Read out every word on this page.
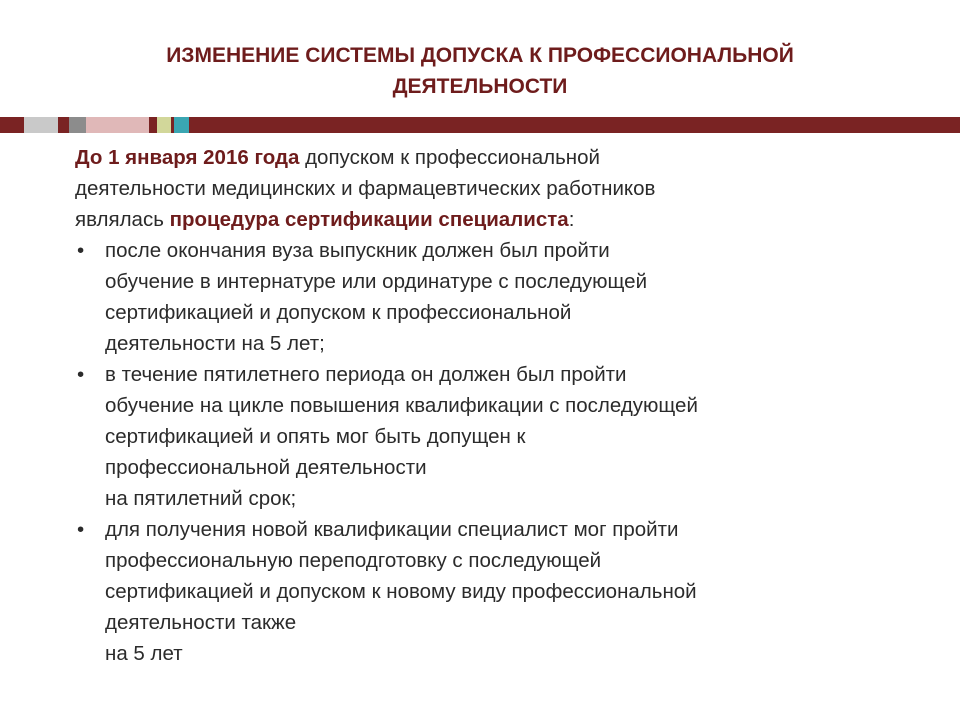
ИЗМЕНЕНИЕ СИСТЕМЫ ДОПУСКА К ПРОФЕССИОНАЛЬНОЙ
ДЕЯТЕЛЬНОСТИ

До 1 января 2016 года допуском к профессиональной
деятельности медицинских и фармацевтических работников
являлась процедура сертификации специалиста:

• после окончания вуза выпускник должен был пройти
обучение в интернатуре или ординатуре с последующей
сертификацией и допуском к профессиональной
деятельности на 5 лет;
• в течение пятилетнего периода он должен был пройти
обучение на цикле повышения квалификации с последующей
сертификацией и опять мог быть допущен к
профессиональной деятельности
на пятилетний срок;
• для получения новой квалификации специалист мог пройти
профессиональную переподготовку с последующей
сертификацией и допуском к новому виду профессиональной
деятельности также
на 5 лет
